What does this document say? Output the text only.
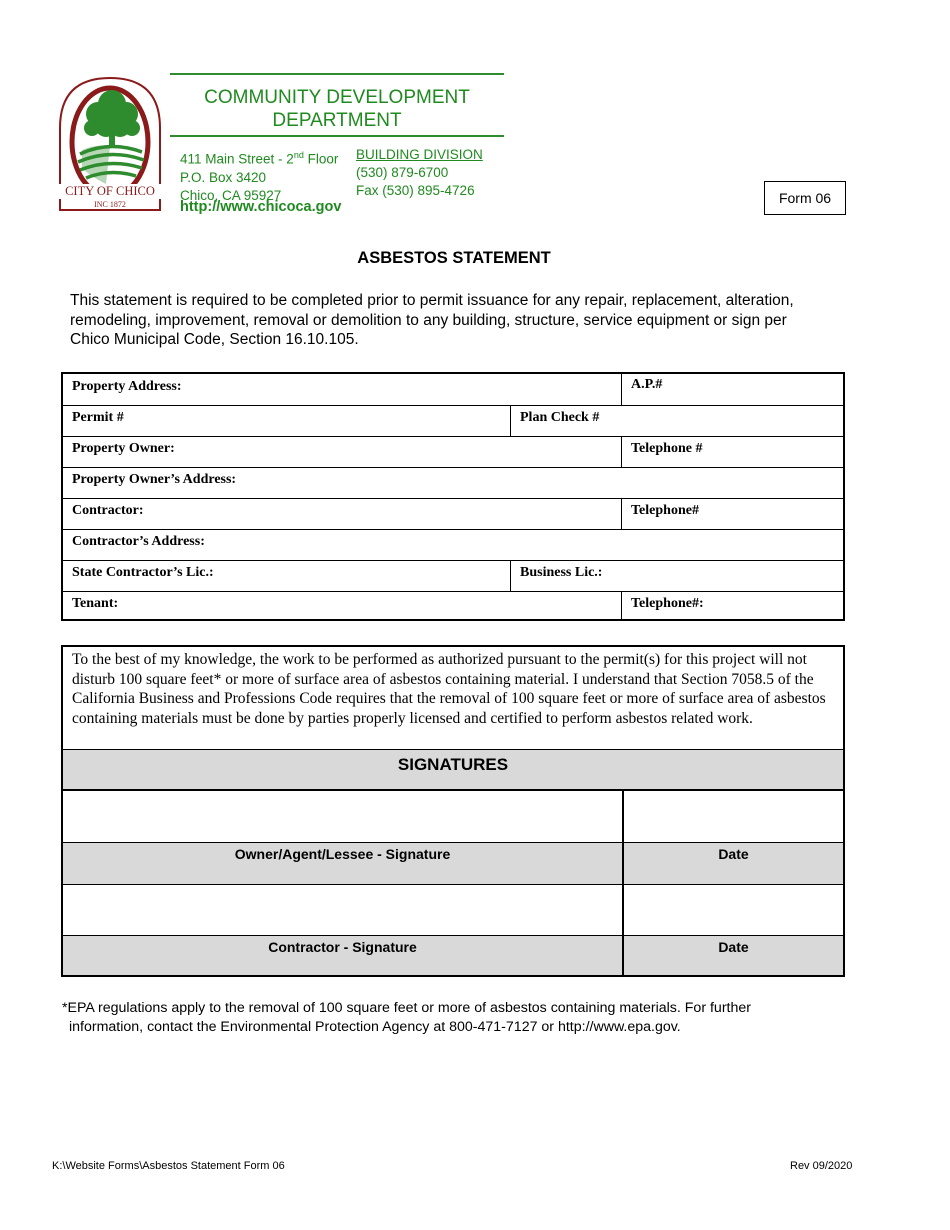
CITY OF CHICO
INC 1872
COMMUNITY DEVELOPMENT
DEPARTMENT
411 Main Street - 2nd Floor
P.O. Box 3420
Chico, CA 95927
http://www.chicoca.gov
BUILDING DIVISION
(530) 879-6700
Fax (530) 895-4726	Form 06
ASBESTOS STATEMENT
This statement is required to be completed prior to permit issuance for any repair, replacement, alteration, remodeling, improvement, removal or demolition to any building, structure, service equipment or sign per Chico Municipal Code, Section 16.10.105.
Property Address:	A.P.#
Permit #	Plan Check #
Property Owner:	Telephone #
Property Owner’s Address:
Contractor:	Telephone#
Contractor’s Address:
State Contractor’s Lic.:	Business Lic.:
Tenant:	Telephone#:
To the best of my knowledge, the work to be performed as authorized pursuant to the permit(s) for this project will not disturb 100 square feet* or more of surface area of asbestos containing material. I understand that Section 7058.5 of the California Business and Professions Code requires that the removal of 100 square feet or more of surface area of asbestos containing materials must be done by parties properly licensed and certified to perform asbestos related work.
SIGNATURES
Owner/Agent/Lessee - Signature	Date
Contractor - Signature	Date
*EPA regulations apply to the removal of 100 square feet or more of asbestos containing materials. For further
information, contact the Environmental Protection Agency at 800-471-7127 or http://www.epa.gov.
K:\Website Forms\Asbestos Statement Form 06	Rev 09/2020
